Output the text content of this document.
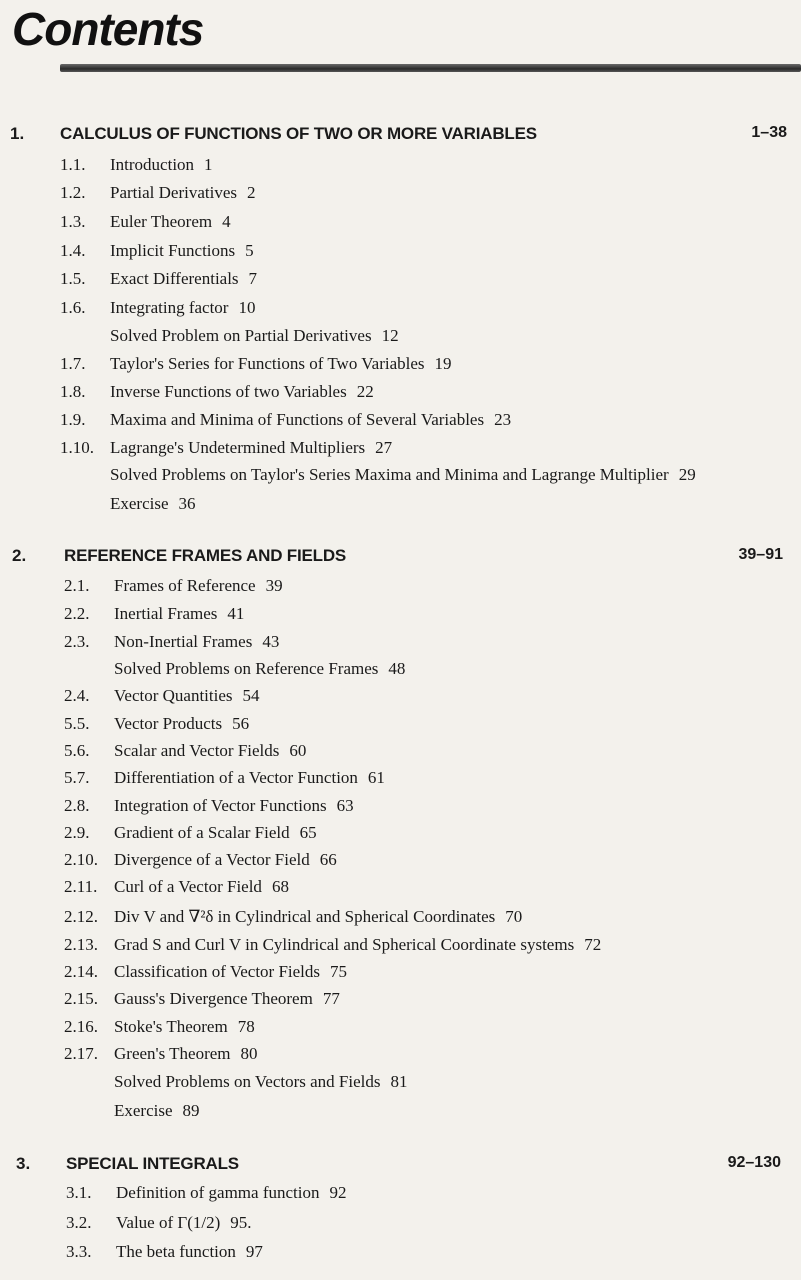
Contents
1. CALCULUS OF FUNCTIONS OF TWO OR MORE VARIABLES	1–38
1.1. Introduction 1
1.2. Partial Derivatives 2
1.3. Euler Theorem 4
1.4. Implicit Functions 5
1.5. Exact Differentials 7
1.6. Integrating factor 10
Solved Problem on Partial Derivatives 12
1.7. Taylor's Series for Functions of Two Variables 19
1.8. Inverse Functions of two Variables 22
1.9. Maxima and Minima of Functions of Several Variables 23
1.10. Lagrange's Undetermined Multipliers 27
Solved Problems on Taylor's Series Maxima and Minima and Lagrange Multiplier 29
Exercise 36
2. REFERENCE FRAMES AND FIELDS	39–91
2.1. Frames of Reference 39
2.2. Inertial Frames 41
2.3. Non-Inertial Frames 43
Solved Problems on Reference Frames 48
2.4. Vector Quantities 54
5.5. Vector Products 56
5.6. Scalar and Vector Fields 60
5.7. Differentiation of a Vector Function 61
2.8. Integration of Vector Functions 63
2.9. Gradient of a Scalar Field 65
2.10. Divergence of a Vector Field 66
2.11. Curl of a Vector Field 68
2.12. Div V and ∇²δ in Cylindrical and Spherical Coordinates 70
2.13. Grad S and Curl V in Cylindrical and Spherical Coordinate systems 72
2.14. Classification of Vector Fields 75
2.15. Gauss's Divergence Theorem 77
2.16. Stoke's Theorem 78
2.17. Green's Theorem 80
Solved Problems on Vectors and Fields 81
Exercise 89
3. SPECIAL INTEGRALS	92–130
3.1. Definition of gamma function 92
3.2. Value of Γ(1/2) 95.
3.3. The beta function 97
